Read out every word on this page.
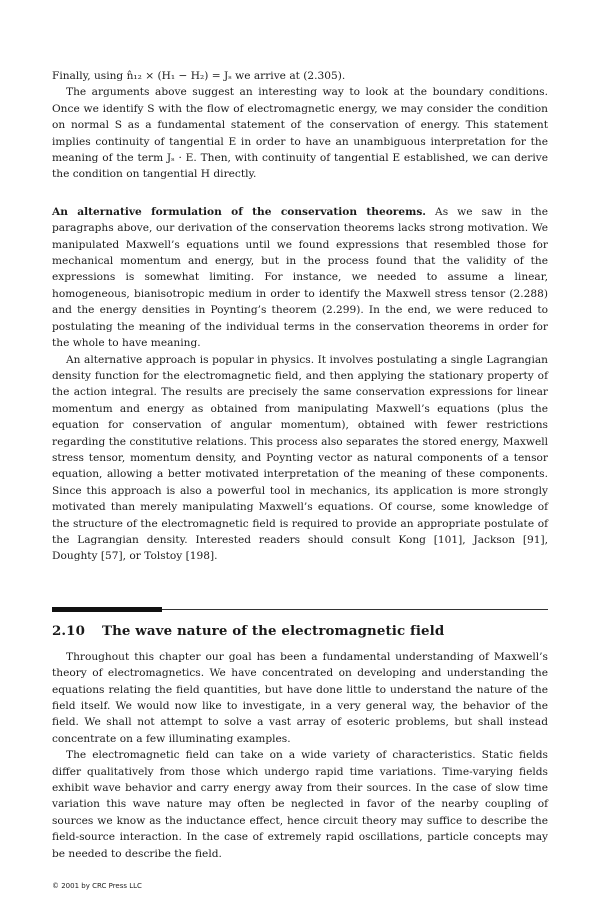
Finally, using n̂₁₂ × (H₁ − H₂) = Jₛ we arrive at (2.305).

The arguments above suggest an interesting way to look at the boundary conditions. Once we identify S with the flow of electromagnetic energy, we may consider the condition on normal S as a fundamental statement of the conservation of energy. This statement implies continuity of tangential E in order to have an unambiguous interpretation for the meaning of the term Jₛ · E. Then, with continuity of tangential E established, we can derive the condition on tangential H directly.

An alternative formulation of the conservation theorems. As we saw in the paragraphs above, our derivation of the conservation theorems lacks strong motivation. We manipulated Maxwell’s equations until we found expressions that resembled those for mechanical momentum and energy, but in the process found that the validity of the expressions is somewhat limiting. For instance, we needed to assume a linear, homogeneous, bianisotropic medium in order to identify the Maxwell stress tensor (2.288) and the energy densities in Poynting’s theorem (2.299). In the end, we were reduced to postulating the meaning of the individual terms in the conservation theorems in order for the whole to have meaning.

An alternative approach is popular in physics. It involves postulating a single Lagrangian density function for the electromagnetic field, and then applying the stationary property of the action integral. The results are precisely the same conservation expressions for linear momentum and energy as obtained from manipulating Maxwell’s equations (plus the equation for conservation of angular momentum), obtained with fewer restrictions regarding the constitutive relations. This process also separates the stored energy, Maxwell stress tensor, momentum density, and Poynting vector as natural components of a tensor equation, allowing a better motivated interpretation of the meaning of these components. Since this approach is also a powerful tool in mechanics, its application is more strongly motivated than merely manipulating Maxwell’s equations. Of course, some knowledge of the structure of the electromagnetic field is required to provide an appropriate postulate of the Lagrangian density. Interested readers should consult Kong [101], Jackson [91], Doughty [57], or Tolstoy [198].

2.10 The wave nature of the electromagnetic field

Throughout this chapter our goal has been a fundamental understanding of Maxwell’s theory of electromagnetics. We have concentrated on developing and understanding the equations relating the field quantities, but have done little to understand the nature of the field itself. We would now like to investigate, in a very general way, the behavior of the field. We shall not attempt to solve a vast array of esoteric problems, but shall instead concentrate on a few illuminating examples.

The electromagnetic field can take on a wide variety of characteristics. Static fields differ qualitatively from those which undergo rapid time variations. Time-varying fields exhibit wave behavior and carry energy away from their sources. In the case of slow time variation this wave nature may often be neglected in favor of the nearby coupling of sources we know as the inductance effect, hence circuit theory may suffice to describe the field-source interaction. In the case of extremely rapid oscillations, particle concepts may be needed to describe the field.

© 2001 by CRC Press LLC
